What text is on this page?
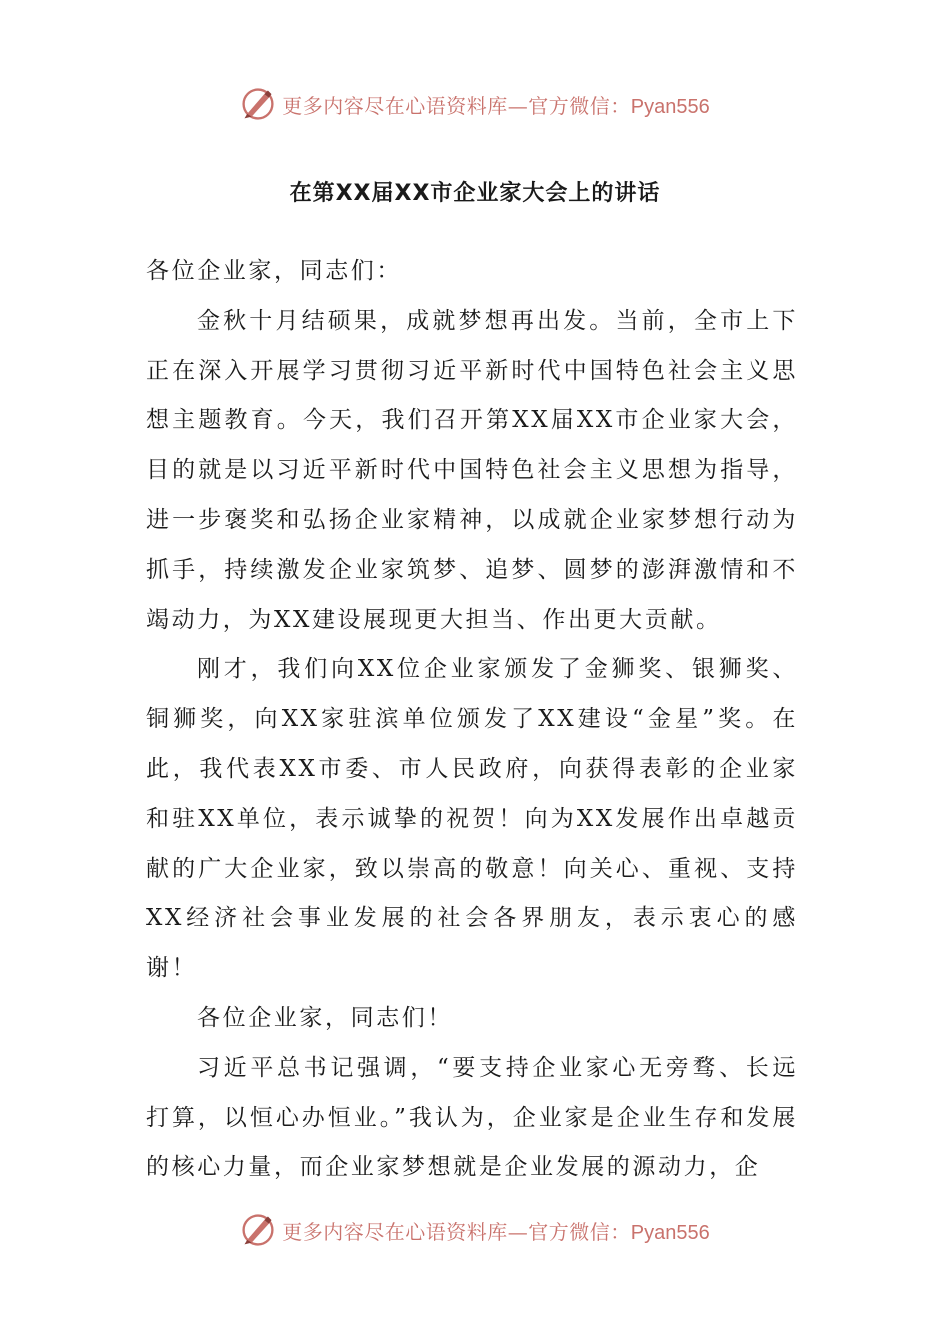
更多内容尽在心语资料库—官方微信：Pyan556
在第XX届XX市企业家大会上的讲话

各位企业家，同志们：

金秋十月结硕果，成就梦想再出发。当前，全市上下正在深入开展学习贯彻习近平新时代中国特色社会主义思想主题教育。今天，我们召开第XX届XX市企业家大会，目的就是以习近平新时代中国特色社会主义思想为指导，进一步褒奖和弘扬企业家精神，以成就企业家梦想行动为抓手，持续激发企业家筑梦、追梦、圆梦的澎湃激情和不竭动力，为XX建设展现更大担当、作出更大贡献。

刚才，我们向XX位企业家颁发了金狮奖、银狮奖、铜狮奖，向XX家驻滨单位颁发了XX建设“金星”奖。在此，我代表XX市委、市人民政府，向获得表彰的企业家和驻XX单位，表示诚挚的祝贺！向为XX发展作出卓越贡献的广大企业家，致以崇高的敬意！向关心、重视、支持XX经济社会事业发展的社会各界朋友，表示衷心的感谢！

各位企业家，同志们！

习近平总书记强调，“要支持企业家心无旁骛、长远打算，以恒心办恒业。”我认为，企业家是企业生存和发展的核心力量，而企业家梦想就是企业发展的源动力，企

更多内容尽在心语资料库—官方微信：Pyan556
